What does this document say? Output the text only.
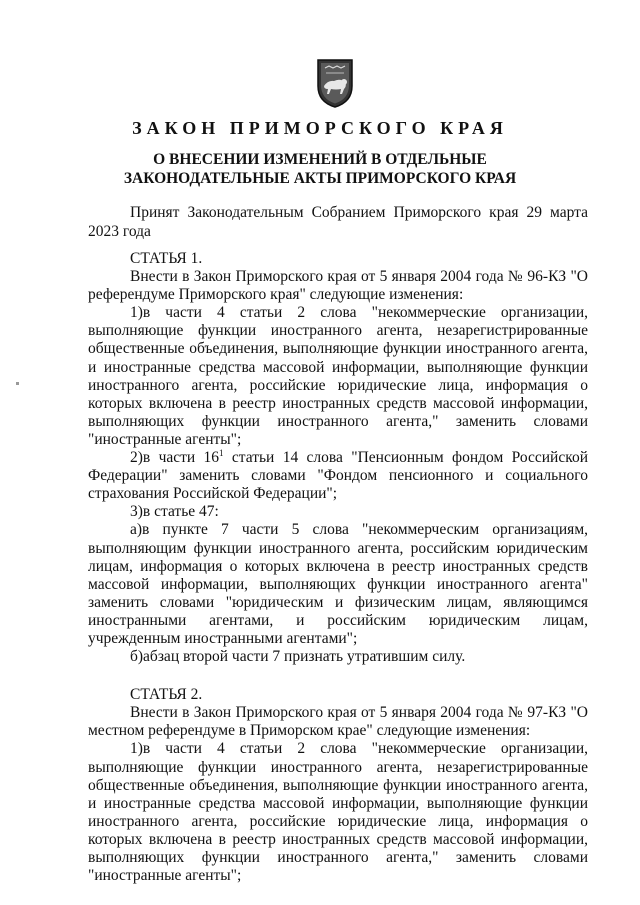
ЗАКОН ПРИМОРСКОГО КРАЯ
О ВНЕСЕНИИ ИЗМЕНЕНИЙ В ОТДЕЛЬНЫЕ
ЗАКОНОДАТЕЛЬНЫЕ АКТЫ ПРИМОРСКОГО КРАЯ
Принят Законодательным Собранием Приморского края 29 марта 2023 года
СТАТЬЯ 1.

Внести в Закон Приморского края от 5 января 2004 года № 96-КЗ "О референдуме Приморского края" следующие изменения:

1)в части 4 статьи 2 слова "некоммерческие организации, выполняющие функции иностранного агента, незарегистрированные общественные объединения, выполняющие функции иностранного агента, и иностранные средства массовой информации, выполняющие функции иностранного агента, российские юридические лица, информация о которых включена в реестр иностранных средств массовой информации, выполняющих функции иностранного агента," заменить словами "иностранные агенты";

2)в части $16^1$ статьи 14 слова "Пенсионным фондом Российской Федерации" заменить словами "Фондом пенсионного и социального страхования Российской Федерации";

3)в статье 47:

а)в пункте 7 части 5 слова "некоммерческим организациям, выполняющим функции иностранного агента, российским юридическим лицам, информация о которых включена в реестр иностранных средств массовой информации, выполняющих функции иностранного агента" заменить словами "юридическим и физическим лицам, являющимся иностранными агентами, и российским юридическим лицам, учрежденным иностранными агентами";

б)абзац второй части 7 признать утратившим силу.

СТАТЬЯ 2.

Внести в Закон Приморского края от 5 января 2004 года № 97-КЗ "О местном референдуме в Приморском крае" следующие изменения:

1)в части 4 статьи 2 слова "некоммерческие организации, выполняющие функции иностранного агента, незарегистрированные общественные объединения, выполняющие функции иностранного агента, и иностранные средства массовой информации, выполняющие функции иностранного агента, российские юридические лица, информация о которых включена в реестр иностранных средств массовой информации, выполняющих функции иностранного агента," заменить словами "иностранные агенты";
